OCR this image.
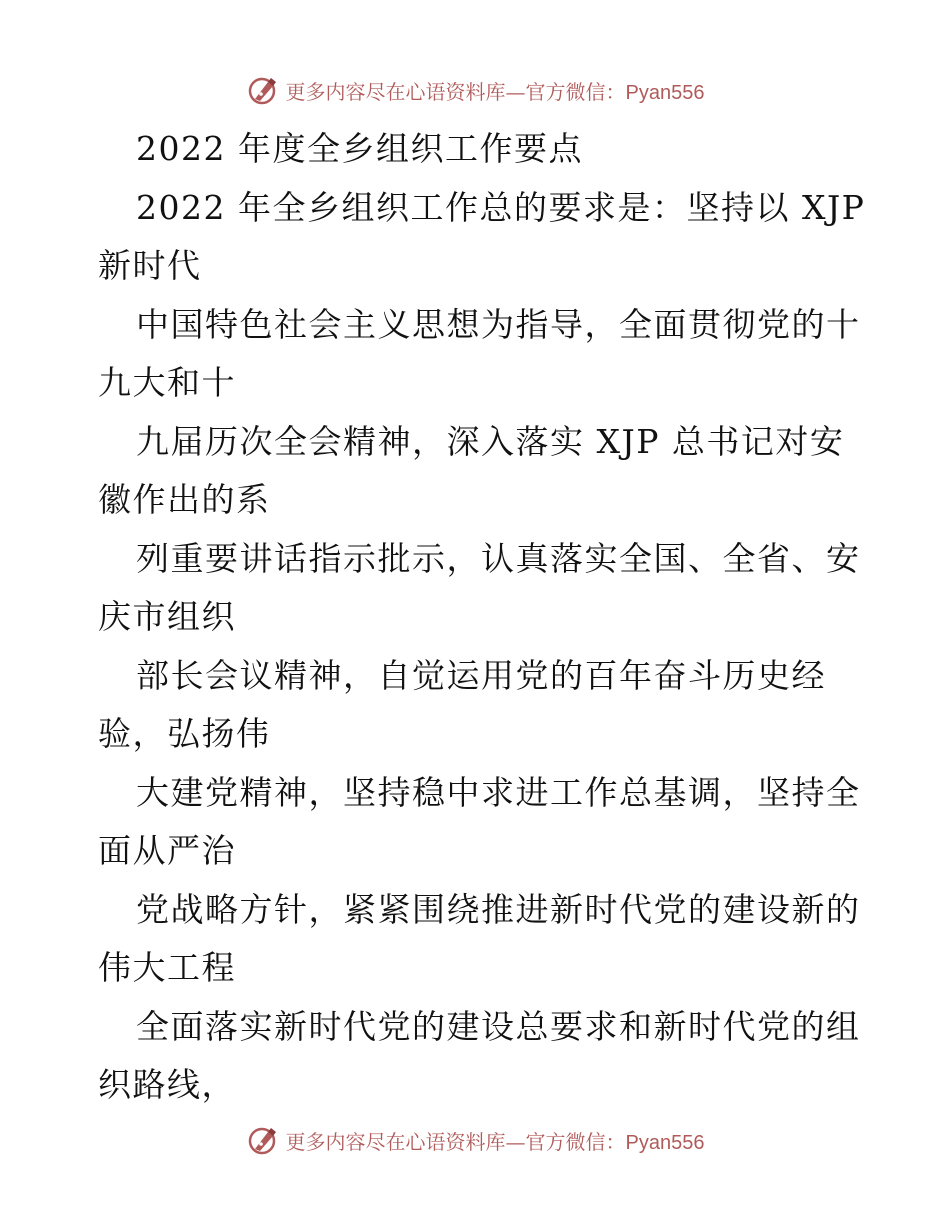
更多内容尽在心语资料库—官方微信：Pyan556
2022 年度全乡组织工作要点
2022 年全乡组织工作总的要求是：坚持以 XJP
新时代
中国特色社会主义思想为指导，全面贯彻党的十
九大和十
九届历次全会精神，深入落实 XJP 总书记对安
徽作出的系
列重要讲话指示批示，认真落实全国、全省、安
庆市组织
部长会议精神，自觉运用党的百年奋斗历史经
验，弘扬伟
大建党精神，坚持稳中求进工作总基调，坚持全
面从严治
党战略方针，紧紧围绕推进新时代党的建设新的
伟大工程
全面落实新时代党的建设总要求和新时代党的组
织路线，
更多内容尽在心语资料库—官方微信：Pyan556
